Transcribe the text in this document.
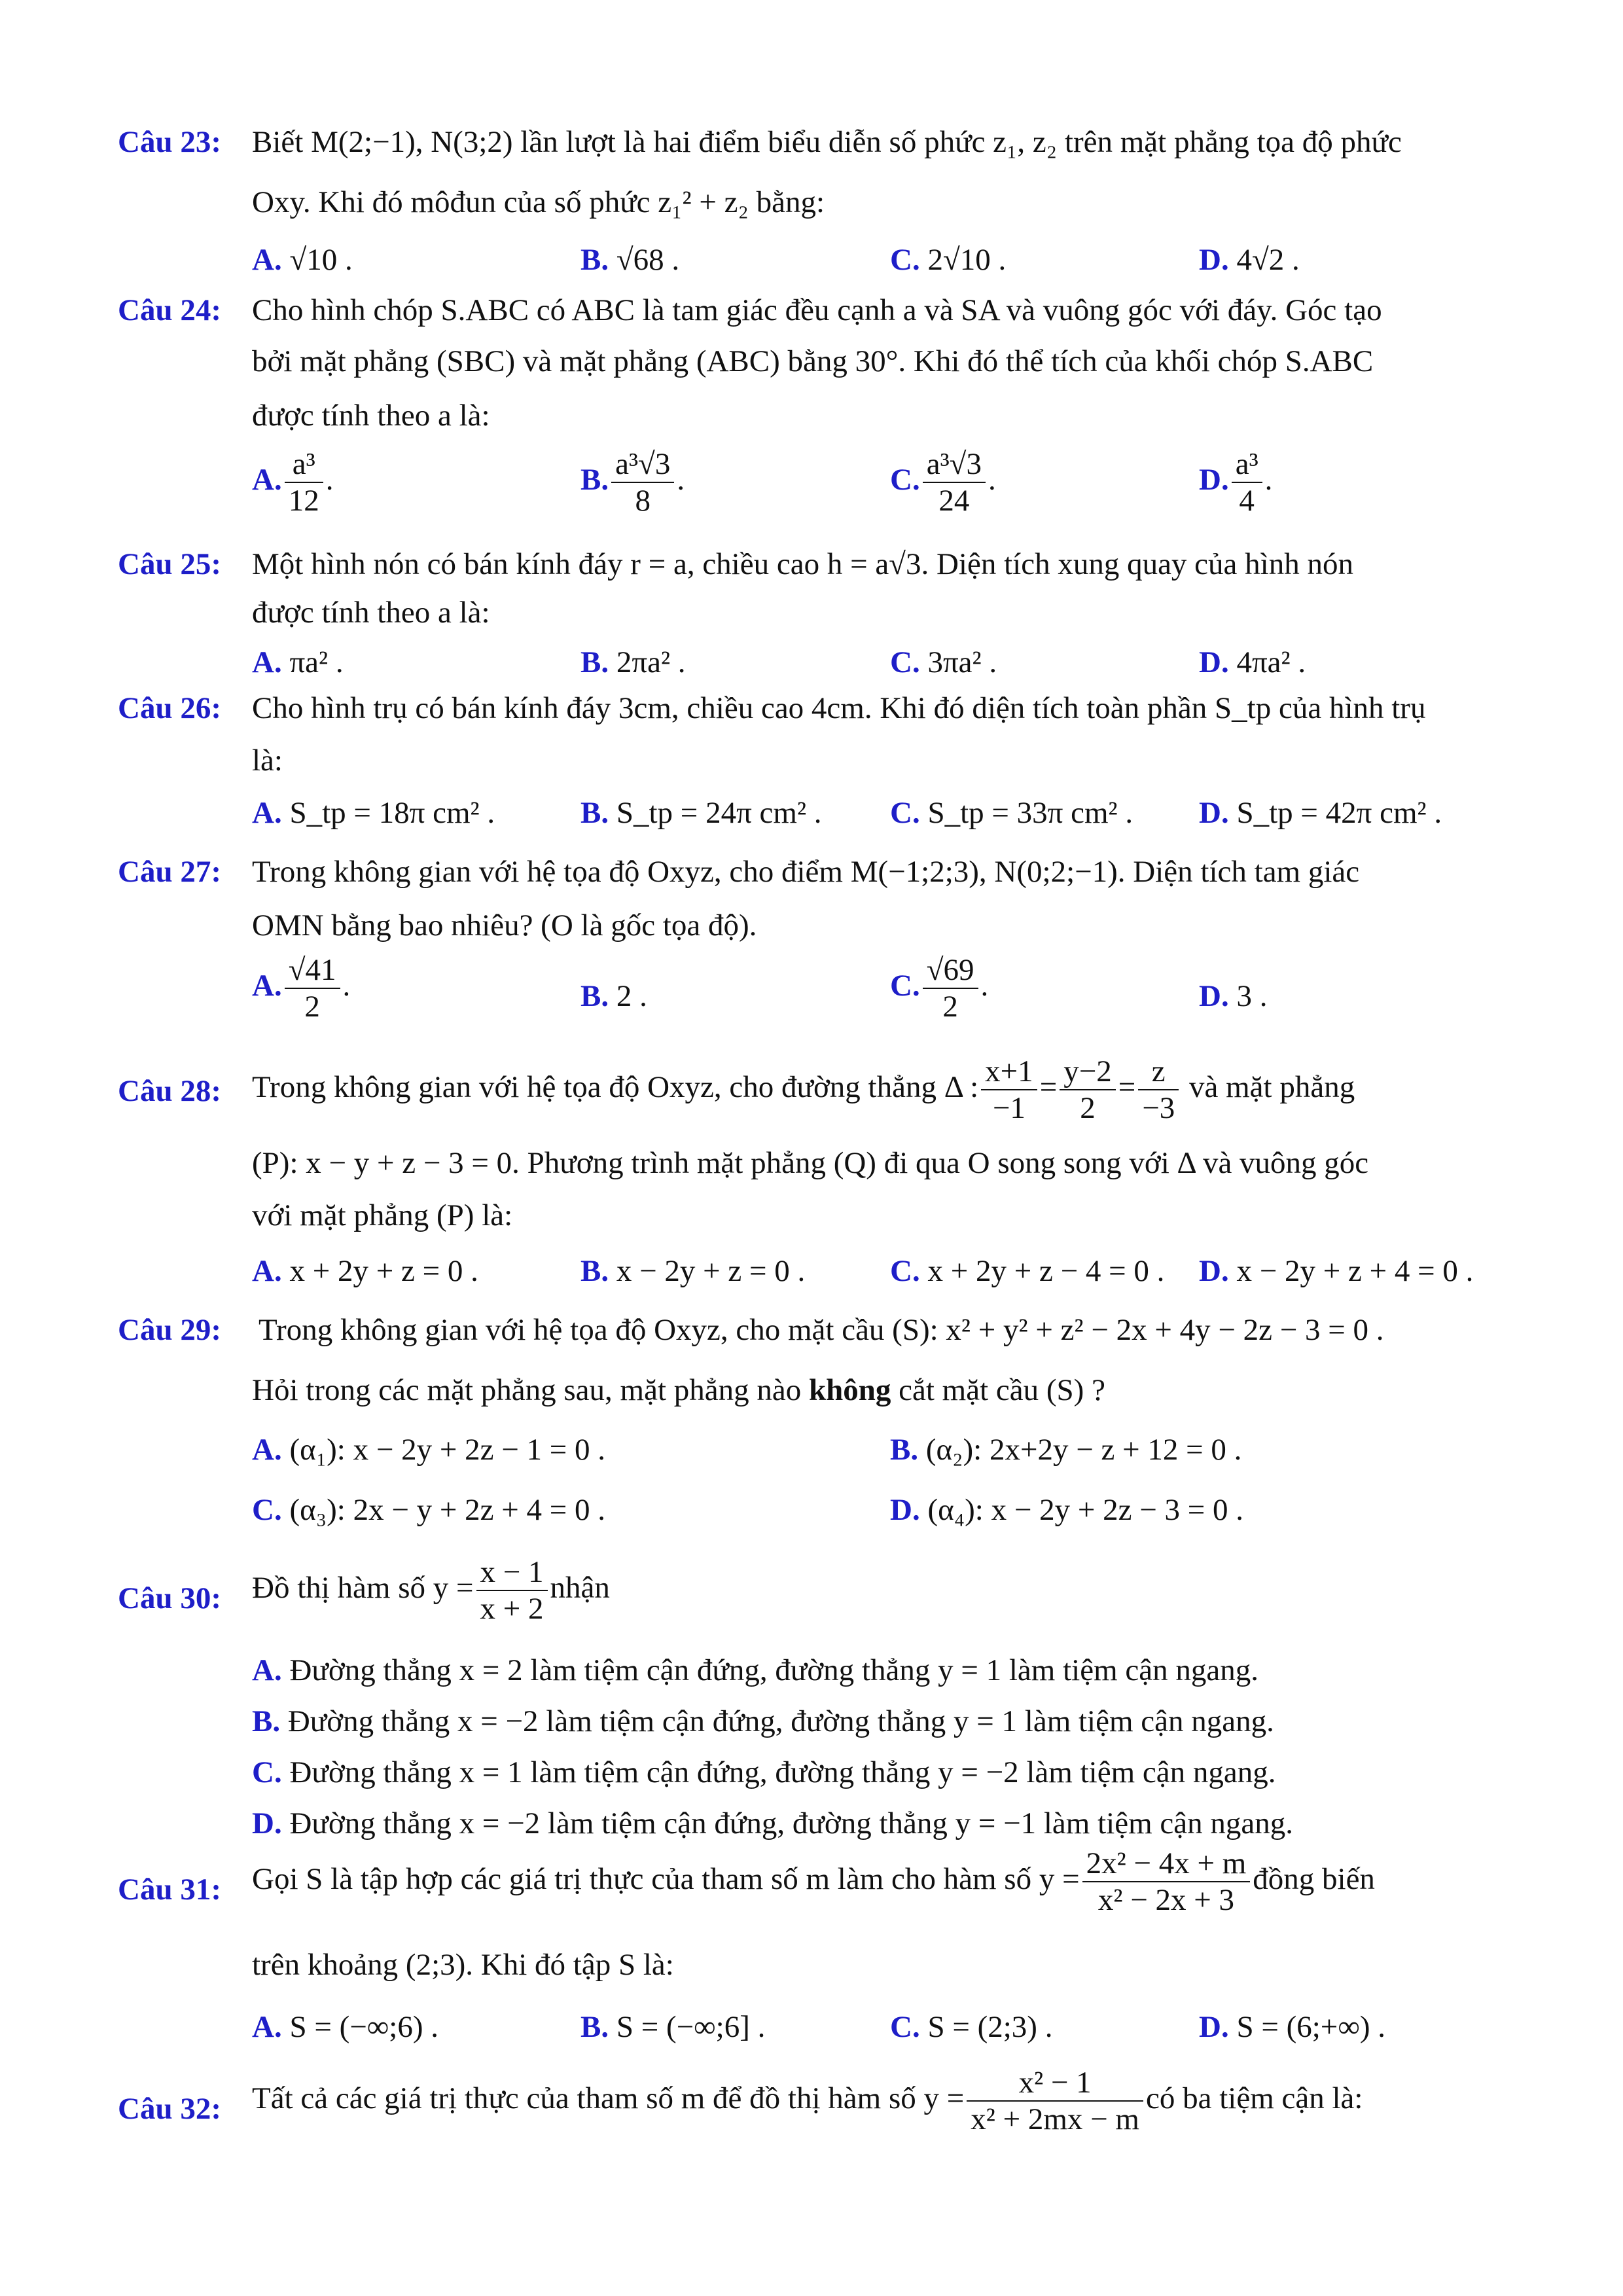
Câu 23: Biết M(2;−1), N(3;2) lần lượt là hai điểm biểu diễn số phức z₁, z₂ trên mặt phẳng tọa độ phức
Oxy. Khi đó môđun của số phức z₁² + z₂ bằng:
A. √10 .	B. √68 .	C. 2√10 .	D. 4√2 .
Câu 24: Cho hình chóp S.ABC có ABC là tam giác đều cạnh a và SA và vuông góc với đáy. Góc tạo
bởi mặt phẳng (SBC) và mặt phẳng (ABC) bằng 30°. Khi đó thể tích của khối chóp S.ABC
được tính theo a là:
A. $\frac{\text{a³}}{12}$ .	B. $\frac{\text{a³√3}}{8}$ .	C. $\frac{\text{a³√3}}{24}$ .	D. $\frac{\text{a³}}{4}$ .
Câu 25: Một hình nón có bán kính đáy r = a, chiều cao h = a√3. Diện tích xung quay của hình nón
được tính theo a là:
A. πa² .	B. 2πa² .	C. 3πa² .	D. 4πa² .
Câu 26: Cho hình trụ có bán kính đáy 3cm, chiều cao 4cm. Khi đó diện tích toàn phần S_tp của hình trụ
là:
A. S_tp = 18π cm² .	B. S_tp = 24π cm² . C. S_tp = 33π cm² . D. S_tp = 42π cm² .
Câu 27: Trong không gian với hệ tọa độ Oxyz, cho điểm M(−1;2;3), N(0;2;−1). Diện tích tam giác
OMN bằng bao nhiêu? (O là gốc tọa độ).
A. $\frac{√41}{2}$ .	B. 2 .	C. $\frac{√69}{2}$ .	D. 3 .
Câu 28: Trong không gian với hệ tọa độ Oxyz, cho đường thẳng Δ : $\frac{x+1}{-1} = \frac{y-2}{2} = \frac{z}{-3}$ và mặt phẳng
(P): x − y + z − 3 = 0. Phương trình mặt phẳng (Q) đi qua O song song với Δ và vuông góc
với mặt phẳng (P) là:
A. x + 2y + z = 0 .	B. x − 2y + z = 0 .	C. x + 2y + z − 4 = 0 . D. x − 2y + z + 4 = 0 .
Câu 29: Trong không gian với hệ tọa độ Oxyz, cho mặt cầu (S): x² + y² + z² − 2x + 4y − 2z − 3 = 0 .
Hỏi trong các mặt phẳng sau, mặt phẳng nào không cắt mặt cầu (S) ?
A. (α₁): x − 2y + 2z − 1 = 0 .	B. (α₂): 2x+2y − z + 12 = 0 .
C. (α₃): 2x − y + 2z + 4 = 0 .	D. (α₄): x − 2y + 2z − 3 = 0 .
Câu 30: Đồ thị hàm số $y = \frac{x - 1}{x + 2}$ nhận
A. Đường thẳng x = 2 làm tiệm cận đứng, đường thẳng y = 1 làm tiệm cận ngang.
B. Đường thẳng x = −2 làm tiệm cận đứng, đường thẳng y = 1 làm tiệm cận ngang.
C. Đường thẳng x = 1 làm tiệm cận đứng, đường thẳng y = −2 làm tiệm cận ngang.
D. Đường thẳng x = −2 làm tiệm cận đứng, đường thẳng y = −1 làm tiệm cận ngang.
Câu 31: Gọi S là tập hợp các giá trị thực của tham số m làm cho hàm số $y = \frac{\text{2x² − 4x + m}}{\text{x² − 2x + 3}}$ đồng biến
trên khoảng (2;3). Khi đó tập S là:
A. S = (−∞;6) .	B. S = (−∞;6] .	C. S = (2;3) .	D. S = (6;+∞) .
Câu 32: Tất cả các giá trị thực của tham số m để đồ thị hàm số $y = \frac{\text{x² − 1}}{\text{x² + 2mx − m}}$ có ba tiệm cận là:
